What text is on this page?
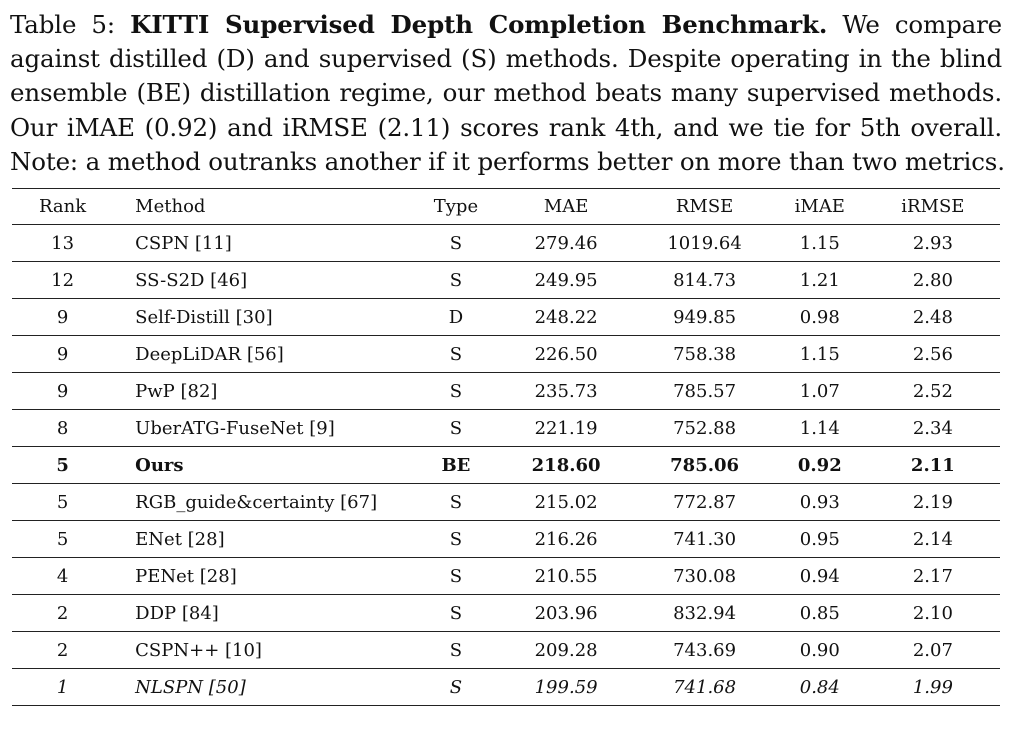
Table 5: KITTI Supervised Depth Completion Benchmark. We compare
against distilled (D) and supervised (S) methods. Despite operating in the blind
ensemble (BE) distillation regime, our method beats many supervised methods.
Our iMAE (0.92) and iRMSE (2.11) scores rank 4th, and we tie for 5th overall.
Note: a method outranks another if it performs better on more than two metrics.
Rank	Method	Type	MAE	RMSE	iMAE	iRMSE
13	CSPN [11]	S	279.46	1019.64	1.15	2.93
12	SS-S2D [46]	S	249.95	814.73	1.21	2.80
9	Self-Distill [30]	D	248.22	949.85	0.98	2.48
9	DeepLiDAR [56]	S	226.50	758.38	1.15	2.56
9	PwP [82]	S	235.73	785.57	1.07	2.52
8	UberATG-FuseNet [9]	S	221.19	752.88	1.14	2.34
5	Ours	BE	218.60	785.06	0.92	2.11
5	RGB_guide&certainty [67]	S	215.02	772.87	0.93	2.19
5	ENet [28]	S	216.26	741.30	0.95	2.14
4	PENet [28]	S	210.55	730.08	0.94	2.17
2	DDP [84]	S	203.96	832.94	0.85	2.10
2	CSPN++ [10]	S	209.28	743.69	0.90	2.07
1	NLSPN [50]	S	199.59	741.68	0.84	1.99
